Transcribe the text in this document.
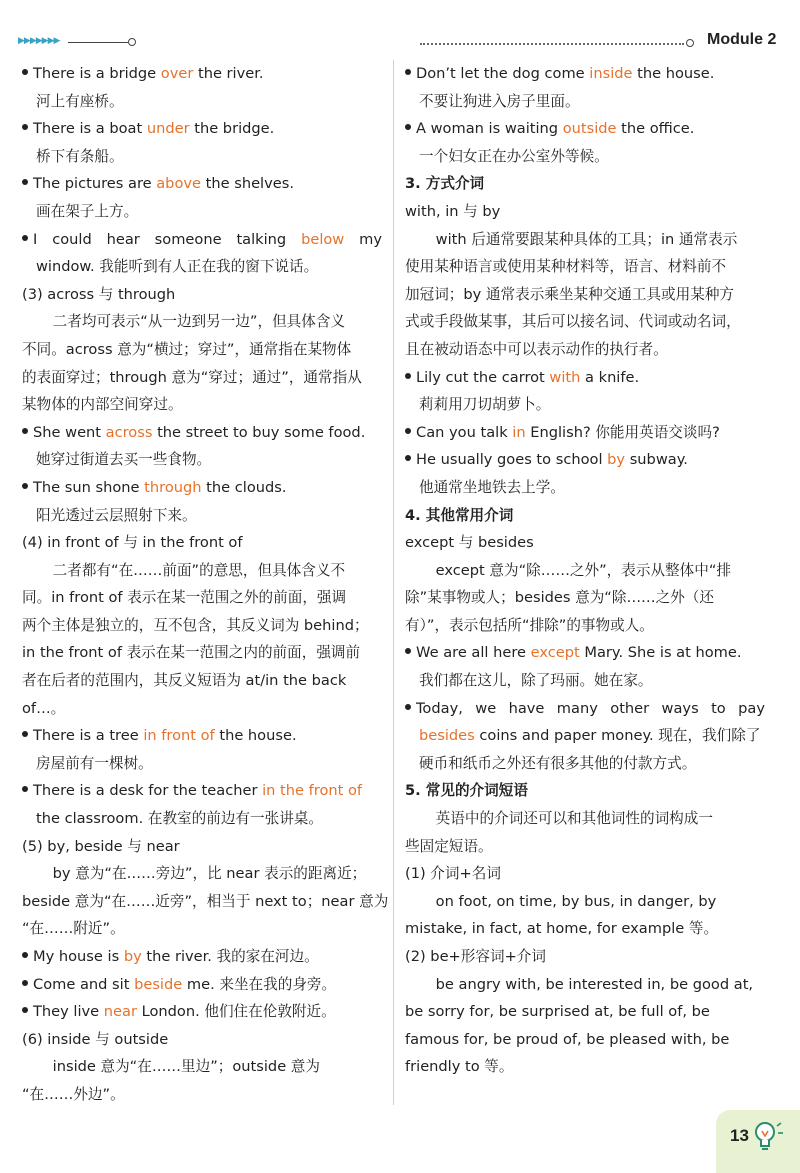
▶▶▶▶▶▶▶	Module 2
There is a bridge over the river.
河上有座桥。
There is a boat under the bridge.
桥下有条船。
The pictures are above the shelves.
画在架子上方。
I could hear someone talking below my
window. 我能听到有人正在我的窗下说话。
(3) across 与 through
二者均可表示“从一边到另一边”，但具体含义
不同。across 意为“横过；穿过”，通常指在某物体
的表面穿过；through 意为“穿过；通过”，通常指从
某物体的内部空间穿过。
She went across the street to buy some food.
她穿过街道去买一些食物。
The sun shone through the clouds.
阳光透过云层照射下来。
(4) in front of 与 in the front of
二者都有“在……前面”的意思，但具体含义不
同。in front of 表示在某一范围之外的前面，强调
两个主体是独立的，互不包含，其反义词为 behind；
in the front of 表示在某一范围之内的前面，强调前
者在后者的范围内，其反义短语为 at/in the back
of…。
There is a tree in front of the house.
房屋前有一棵树。
There is a desk for the teacher in the front of
the classroom. 在教室的前边有一张讲桌。
(5) by, beside 与 near
by 意为“在……旁边”，比 near 表示的距离近；
beside 意为“在……近旁”，相当于 next to；near 意为
“在……附近”。
My house is by the river. 我的家在河边。
Come and sit beside me. 来坐在我的身旁。
They live near London. 他们住在伦敦附近。
(6) inside 与 outside
inside 意为“在……里边”；outside 意为
“在……外边”。
Don’t let the dog come inside the house.
不要让狗进入房子里面。
A woman is waiting outside the office.
一个妇女正在办公室外等候。
3. 方式介词
with, in 与 by
with 后通常要跟某种具体的工具；in 通常表示
使用某种语言或使用某种材料等，语言、材料前不
加冠词；by 通常表示乘坐某种交通工具或用某种方
式或手段做某事，其后可以接名词、代词或动名词，
且在被动语态中可以表示动作的执行者。
Lily cut the carrot with a knife.
莉莉用刀切胡萝卜。
Can you talk in English? 你能用英语交谈吗?
He usually goes to school by subway.
他通常坐地铁去上学。
4. 其他常用介词
except 与 besides
except 意为“除……之外”，表示从整体中“排
除”某事物或人；besides 意为“除……之外（还
有）”，表示包括所“排除”的事物或人。
We are all here except Mary. She is at home.
我们都在这儿，除了玛丽。她在家。
Today, we have many other ways to pay
besides coins and paper money. 现在，我们除了
硬币和纸币之外还有很多其他的付款方式。
5. 常见的介词短语
英语中的介词还可以和其他词性的词构成一
些固定短语。
(1) 介词+名词
on foot, on time, by bus, in danger, by
mistake, in fact, at home, for example 等。
(2) be+形容词+介词
be angry with, be interested in, be good at,
be sorry for, be surprised at, be full of, be
famous for, be proud of, be pleased with, be
friendly to 等。
13
